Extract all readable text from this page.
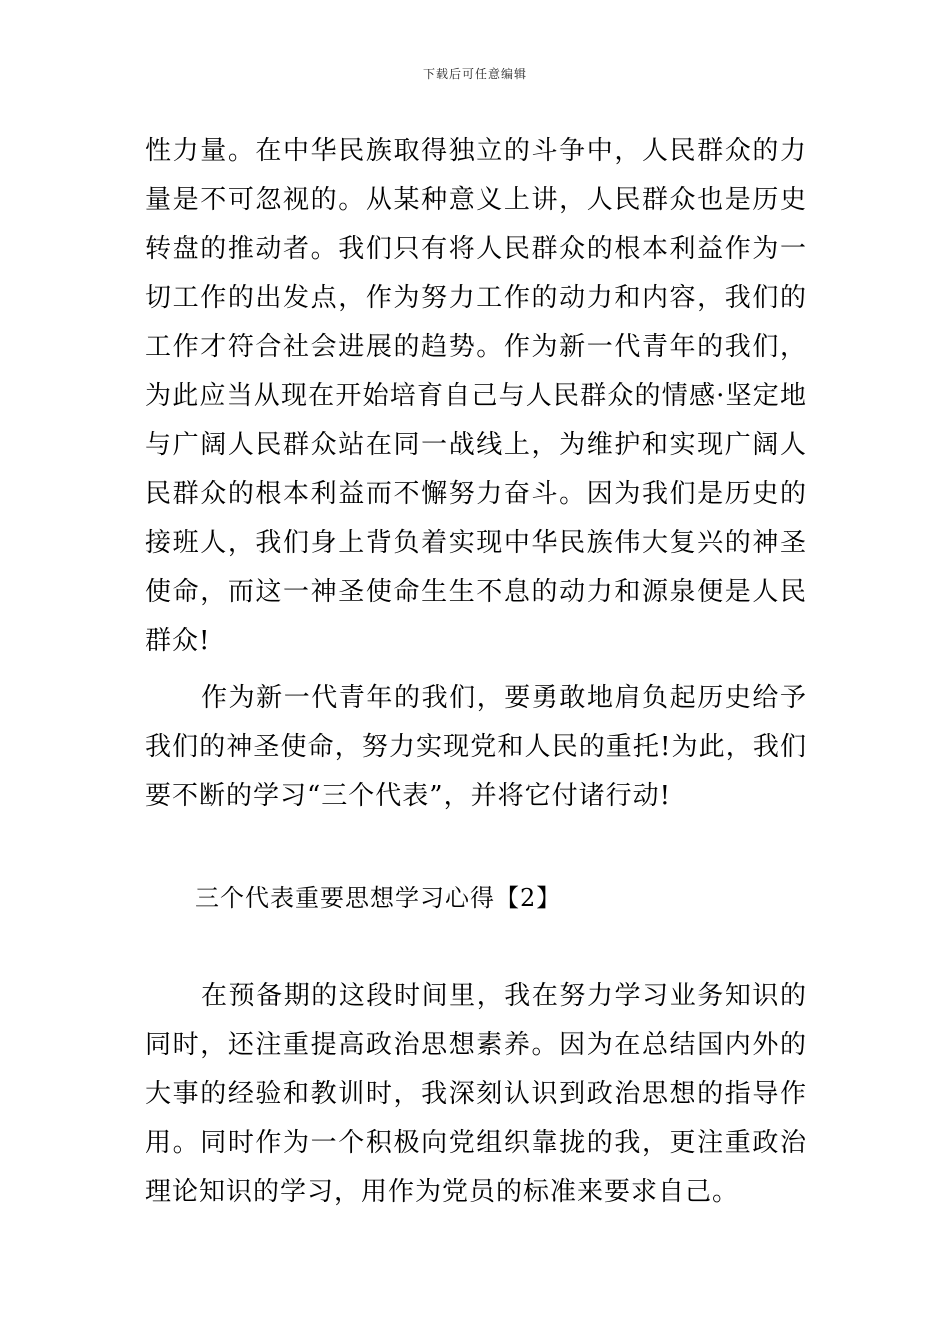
下载后可任意编辑
性力量。在中华民族取得独立的斗争中，人民群众的力量是不可忽视的。从某种意义上讲，人民群众也是历史转盘的推动者。我们只有将人民群众的根本利益作为一切工作的出发点，作为努力工作的动力和内容，我们的工作才符合社会进展的趋势。作为新一代青年的我们，为此应当从现在开始培育自己与人民群众的情感·坚定地与广阔人民群众站在同一战线上，为维护和实现广阔人民群众的根本利益而不懈努力奋斗。因为我们是历史的接班人，我们身上背负着实现中华民族伟大复兴的神圣使命，而这一神圣使命生生不息的动力和源泉便是人民群众!
作为新一代青年的我们，要勇敢地肩负起历史给予我们的神圣使命，努力实现党和人民的重托!为此，我们要不断的学习“三个代表”，并将它付诸行动!
三个代表重要思想学习心得【2】
在预备期的这段时间里，我在努力学习业务知识的同时，还注重提高政治思想素养。因为在总结国内外的大事的经验和教训时，我深刻认识到政治思想的指导作用。同时作为一个积极向党组织靠拢的我，更注重政治理论知识的学习，用作为党员的标准来要求自己。
